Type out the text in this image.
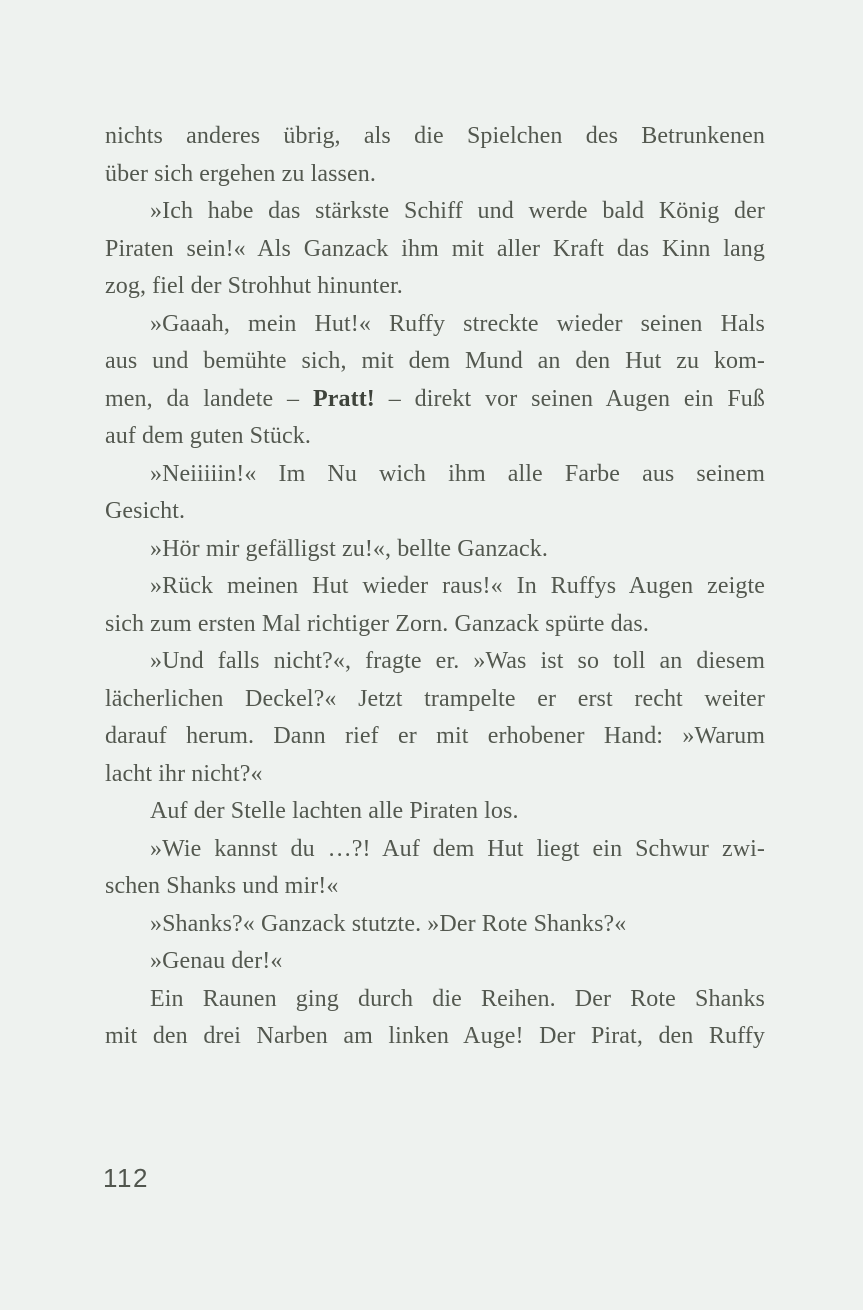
nichts anderes übrig, als die Spielchen des Betrunkenen
über sich ergehen zu lassen.
»Ich habe das stärkste Schiff und werde bald König der
Piraten sein!« Als Ganzack ihm mit aller Kraft das Kinn lang
zog, fiel der Strohhut hinunter.
»Gaaah, mein Hut!« Ruffy streckte wieder seinen Hals
aus und bemühte sich, mit dem Mund an den Hut zu kom-
men, da landete – Pratt! – direkt vor seinen Augen ein Fuß
auf dem guten Stück.
»Neiiiiin!« Im Nu wich ihm alle Farbe aus seinem
Gesicht.
»Hör mir gefälligst zu!«, bellte Ganzack.
»Rück meinen Hut wieder raus!« In Ruffys Augen zeigte
sich zum ersten Mal richtiger Zorn. Ganzack spürte das.
»Und falls nicht?«, fragte er. »Was ist so toll an diesem
lächerlichen Deckel?« Jetzt trampelte er erst recht weiter
darauf herum. Dann rief er mit erhobener Hand: »Warum
lacht ihr nicht?«
Auf der Stelle lachten alle Piraten los.
»Wie kannst du …?! Auf dem Hut liegt ein Schwur zwi-
schen Shanks und mir!«
»Shanks?« Ganzack stutzte. »Der Rote Shanks?«
»Genau der!«
Ein Raunen ging durch die Reihen. Der Rote Shanks
mit den drei Narben am linken Auge! Der Pirat, den Ruffy
112
